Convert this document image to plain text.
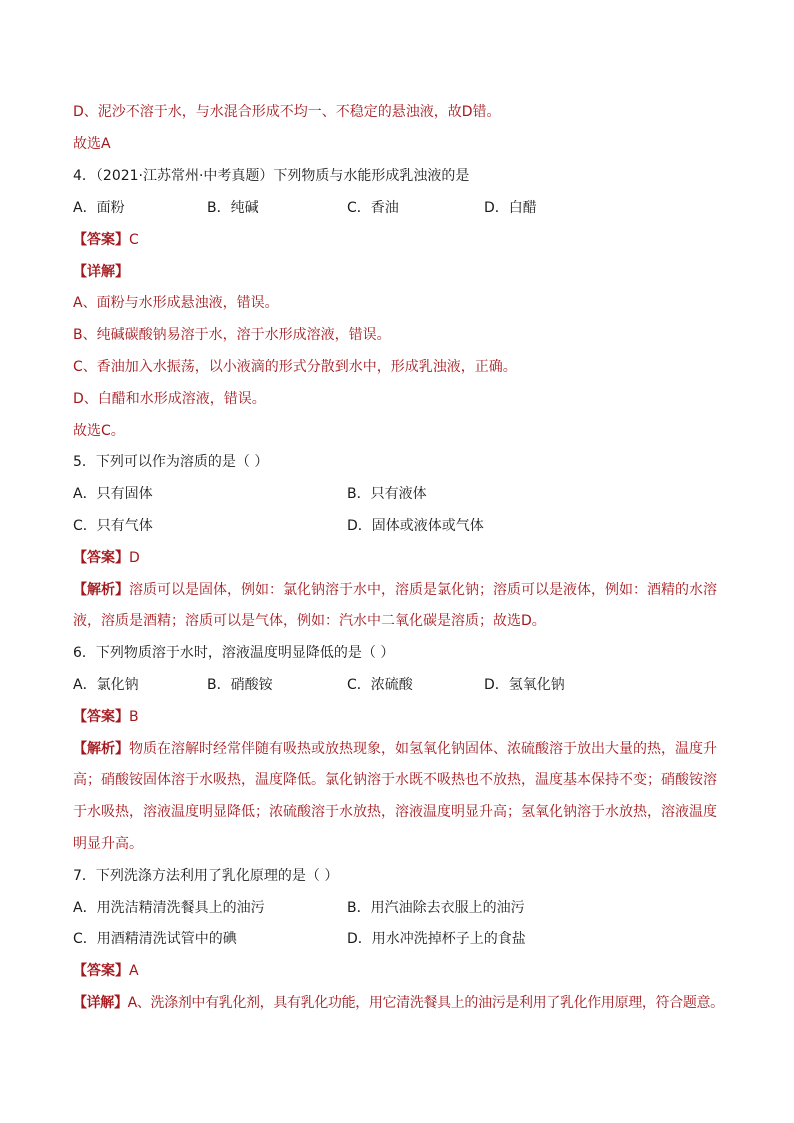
D、泥沙不溶于水，与水混合形成不均一、不稳定的悬浊液，故D错。
故选A
4．（2021·江苏常州·中考真题）下列物质与水能形成乳浊液的是
A．面粉	B．纯碱	C．香油	D．白醋
【答案】C
【详解】
A、面粉与水形成悬浊液，错误。
B、纯碱碳酸钠易溶于水，溶于水形成溶液，错误。
C、香油加入水振荡，以小液滴的形式分散到水中，形成乳浊液，正确。
D、白醋和水形成溶液，错误。
故选C。
5．下列可以作为溶质的是（ ）
A．只有固体	B．只有液体
C．只有气体	D．固体或液体或气体
【答案】D
【解析】溶质可以是固体，例如：氯化钠溶于水中，溶质是氯化钠；溶质可以是液体，例如：酒精的水溶
液，溶质是酒精；溶质可以是气体，例如：汽水中二氧化碳是溶质；故选D。
6．下列物质溶于水时，溶液温度明显降低的是（ ）
A．氯化钠	B．硝酸铵	C．浓硫酸	D．氢氧化钠
【答案】B
【解析】物质在溶解时经常伴随有吸热或放热现象，如氢氧化钠固体、浓硫酸溶于放出大量的热，温度升
高；硝酸铵固体溶于水吸热，温度降低。氯化钠溶于水既不吸热也不放热，温度基本保持不变；硝酸铵溶
于水吸热，溶液温度明显降低；浓硫酸溶于水放热，溶液温度明显升高；氢氧化钠溶于水放热，溶液温度
明显升高。
7．下列洗涤方法利用了乳化原理的是（ ）
A．用洗洁精清洗餐具上的油污	B．用汽油除去衣服上的油污
C．用酒精清洗试管中的碘	D．用水冲洗掉杯子上的食盐
【答案】A
【详解】A、洗涤剂中有乳化剂，具有乳化功能，用它清洗餐具上的油污是利用了乳化作用原理，符合题意。
